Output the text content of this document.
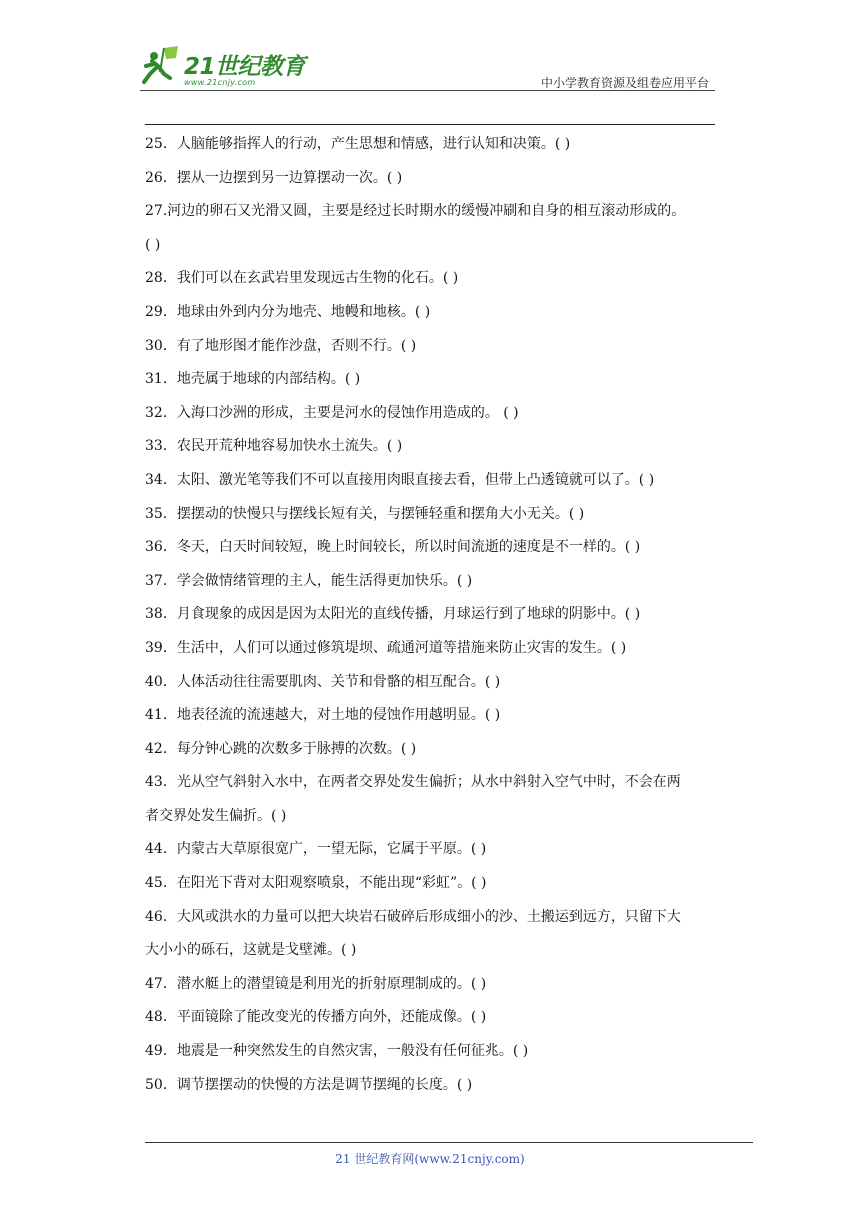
21世纪教育
www.21cnjy.com	中小学教育资源及组卷应用平台
25．人脑能够指挥人的行动，产生思想和情感，进行认知和决策。( )
26．摆从一边摆到另一边算摆动一次。( )
27.河边的卵石又光滑又圆，主要是经过长时期水的缓慢冲刷和自身的相互滚动形成的。
( )
28．我们可以在玄武岩里发现远古生物的化石。( )
29．地球由外到内分为地壳、地幔和地核。( )
30．有了地形图才能作沙盘，否则不行。( )
31．地壳属于地球的内部结构。( )
32．入海口沙洲的形成，主要是河水的侵蚀作用造成的。 ( )
33．农民开荒种地容易加快水土流失。( )
34．太阳、激光笔等我们不可以直接用肉眼直接去看，但带上凸透镜就可以了。( )
35．摆摆动的快慢只与摆线长短有关，与摆锤轻重和摆角大小无关。( )
36．冬天，白天时间较短，晚上时间较长，所以时间流逝的速度是不一样的。( )
37．学会做情绪管理的主人，能生活得更加快乐。( )
38．月食现象的成因是因为太阳光的直线传播，月球运行到了地球的阴影中。( )
39．生活中，人们可以通过修筑堤坝、疏通河道等措施来防止灾害的发生。( )
40．人体活动往往需要肌肉、关节和骨骼的相互配合。( )
41．地表径流的流速越大，对土地的侵蚀作用越明显。( )
42．每分钟心跳的次数多于脉搏的次数。( )
43．光从空气斜射入水中，在两者交界处发生偏折；从水中斜射入空气中时，不会在两
者交界处发生偏折。( )
44．内蒙古大草原很宽广，一望无际，它属于平原。( )
45．在阳光下背对太阳观察喷泉，不能出现“彩虹”。( )
46．大风或洪水的力量可以把大块岩石破碎后形成细小的沙、土搬运到远方，只留下大
大小小的砾石，这就是戈壁滩。( )
47．潜水艇上的潜望镜是利用光的折射原理制成的。( )
48．平面镜除了能改变光的传播方向外，还能成像。( )
49．地震是一种突然发生的自然灾害，一般没有任何征兆。( )
50．调节摆摆动的快慢的方法是调节摆绳的长度。( )
21 世纪教育网(www.21cnjy.com)
